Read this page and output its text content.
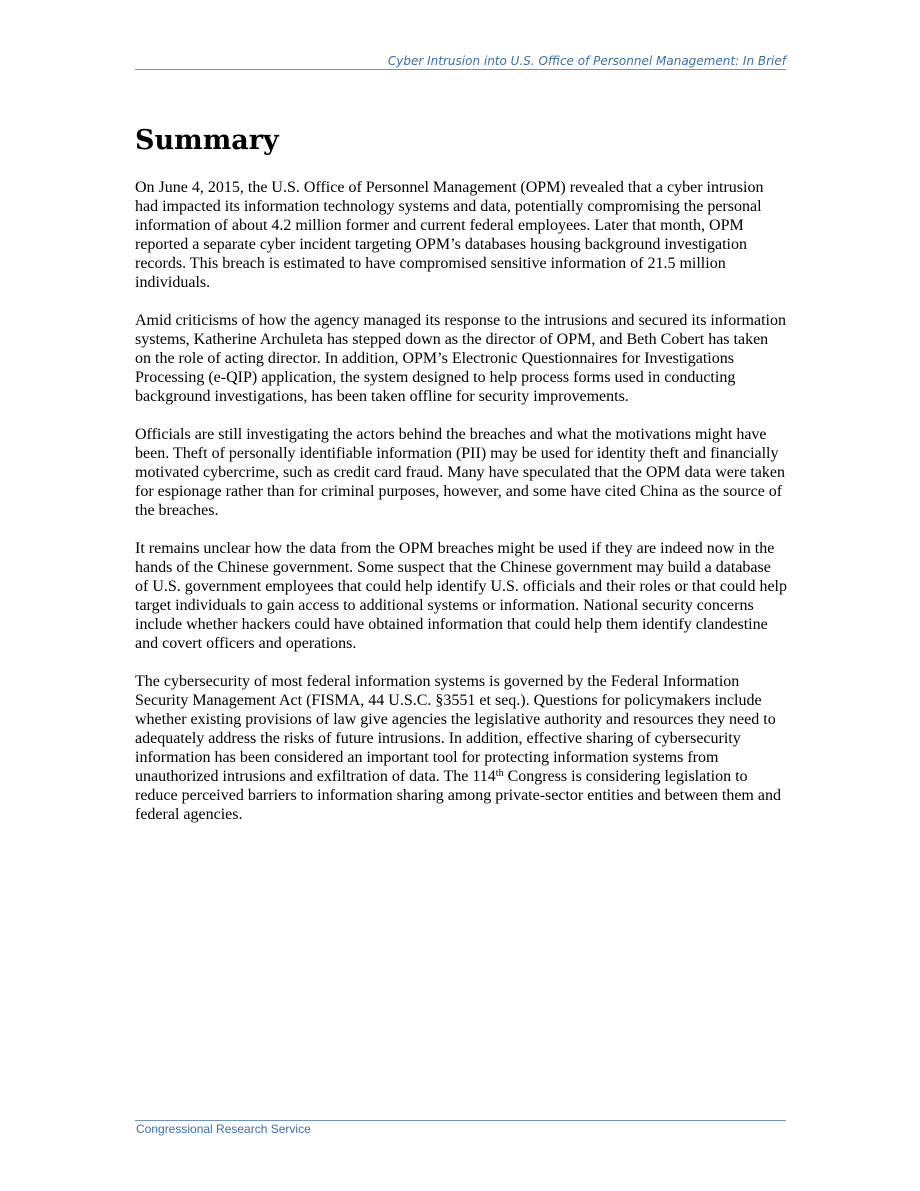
Cyber Intrusion into U.S. Office of Personnel Management: In Brief
Summary

On June 4, 2015, the U.S. Office of Personnel Management (OPM) revealed that a cyber intrusion had impacted its information technology systems and data, potentially compromising the personal information of about 4.2 million former and current federal employees. Later that month, OPM reported a separate cyber incident targeting OPM’s databases housing background investigation records. This breach is estimated to have compromised sensitive information of 21.5 million individuals.

Amid criticisms of how the agency managed its response to the intrusions and secured its information systems, Katherine Archuleta has stepped down as the director of OPM, and Beth Cobert has taken on the role of acting director. In addition, OPM’s Electronic Questionnaires for Investigations Processing (e-QIP) application, the system designed to help process forms used in conducting background investigations, has been taken offline for security improvements.

Officials are still investigating the actors behind the breaches and what the motivations might have been. Theft of personally identifiable information (PII) may be used for identity theft and financially motivated cybercrime, such as credit card fraud. Many have speculated that the OPM data were taken for espionage rather than for criminal purposes, however, and some have cited China as the source of the breaches.

It remains unclear how the data from the OPM breaches might be used if they are indeed now in the hands of the Chinese government. Some suspect that the Chinese government may build a database of U.S. government employees that could help identify U.S. officials and their roles or that could help target individuals to gain access to additional systems or information. National security concerns include whether hackers could have obtained information that could help them identify clandestine and covert officers and operations.

The cybersecurity of most federal information systems is governed by the Federal Information Security Management Act (FISMA, 44 U.S.C. §3551 et seq.). Questions for policymakers include whether existing provisions of law give agencies the legislative authority and resources they need to adequately address the risks of future intrusions. In addition, effective sharing of cybersecurity information has been considered an important tool for protecting information systems from unauthorized intrusions and exfiltration of data. The 114th Congress is considering legislation to reduce perceived barriers to information sharing among private-sector entities and between them and federal agencies.

Congressional Research Service
